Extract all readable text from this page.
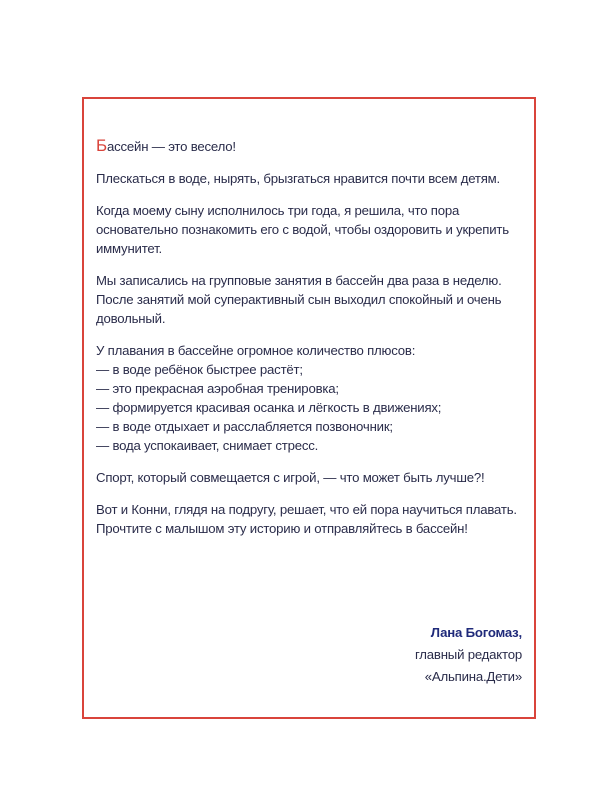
Бассейн — это весело!

Плескаться в воде, нырять, брызгаться нравится почти всем детям.

Когда моему сыну исполнилось три года, я решила, что пора основательно познакомить его с водой, чтобы оздоровить и укрепить иммунитет.

Мы записались на групповые занятия в бассейн два раза в неделю. После занятий мой суперактивный сын выходил спокойный и очень довольный.

У плавания в бассейне огромное количество плюсов:
— в воде ребёнок быстрее растёт;
— это прекрасная аэробная тренировка;
— формируется красивая осанка и лёгкость в движениях;
— в воде отдыхает и расслабляется позвоночник;
— вода успокаивает, снимает стресс.

Спорт, который совмещается с игрой, — что может быть лучше?!

Вот и Конни, глядя на подругу, решает, что ей пора научиться плавать. Прочтите с малышом эту историю и отправляйтесь в бассейн!

Лана Богомаз,
главный редактор
«Альпина.Дети»
